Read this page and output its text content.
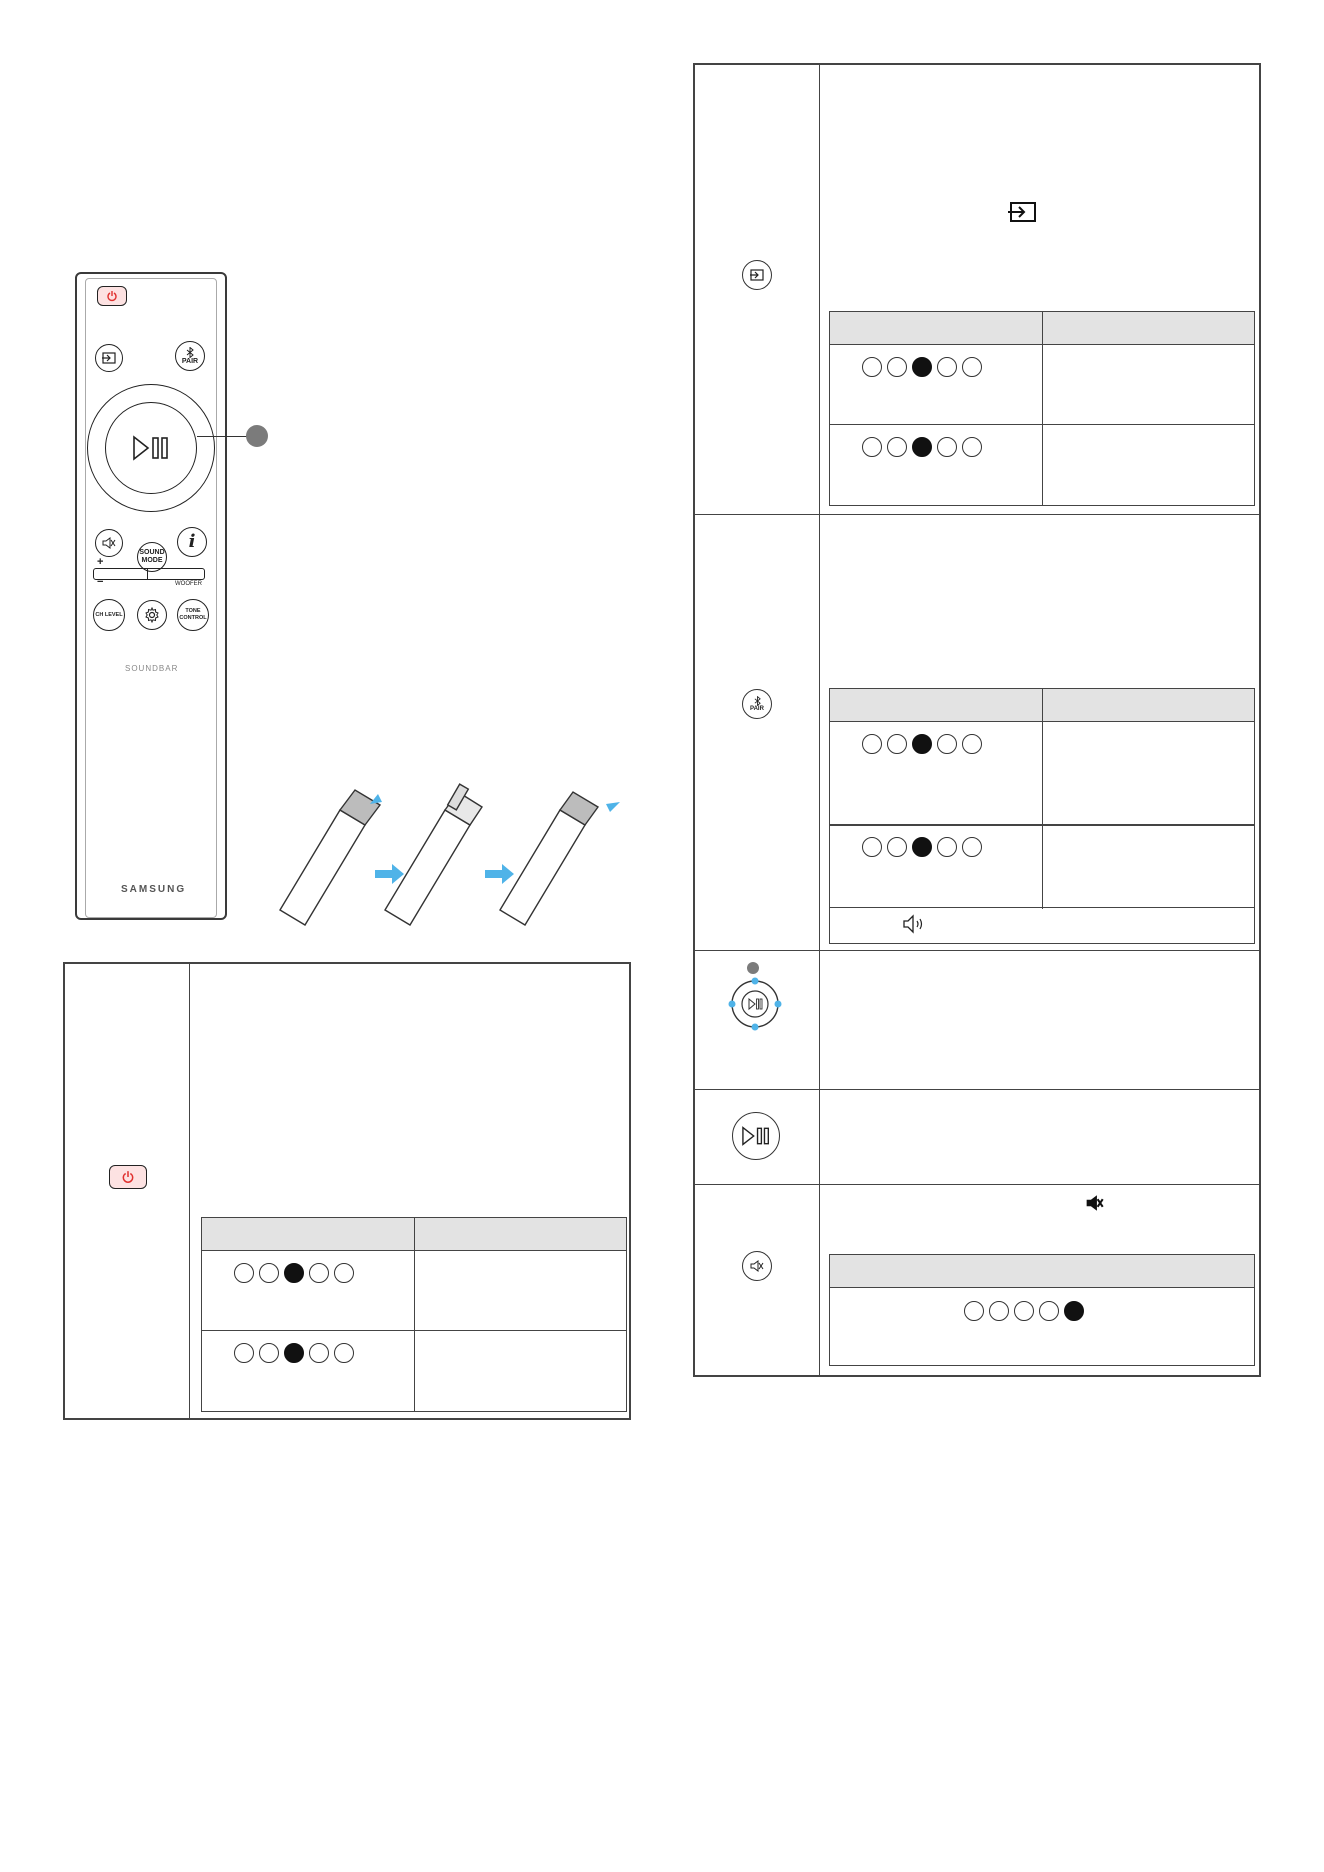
PAIR
SOUND
MODE
i
+
−	WOOFER
CH LEVEL
TONE
CONTROL
SOUNDBAR
SAMSUNG
PAIR
